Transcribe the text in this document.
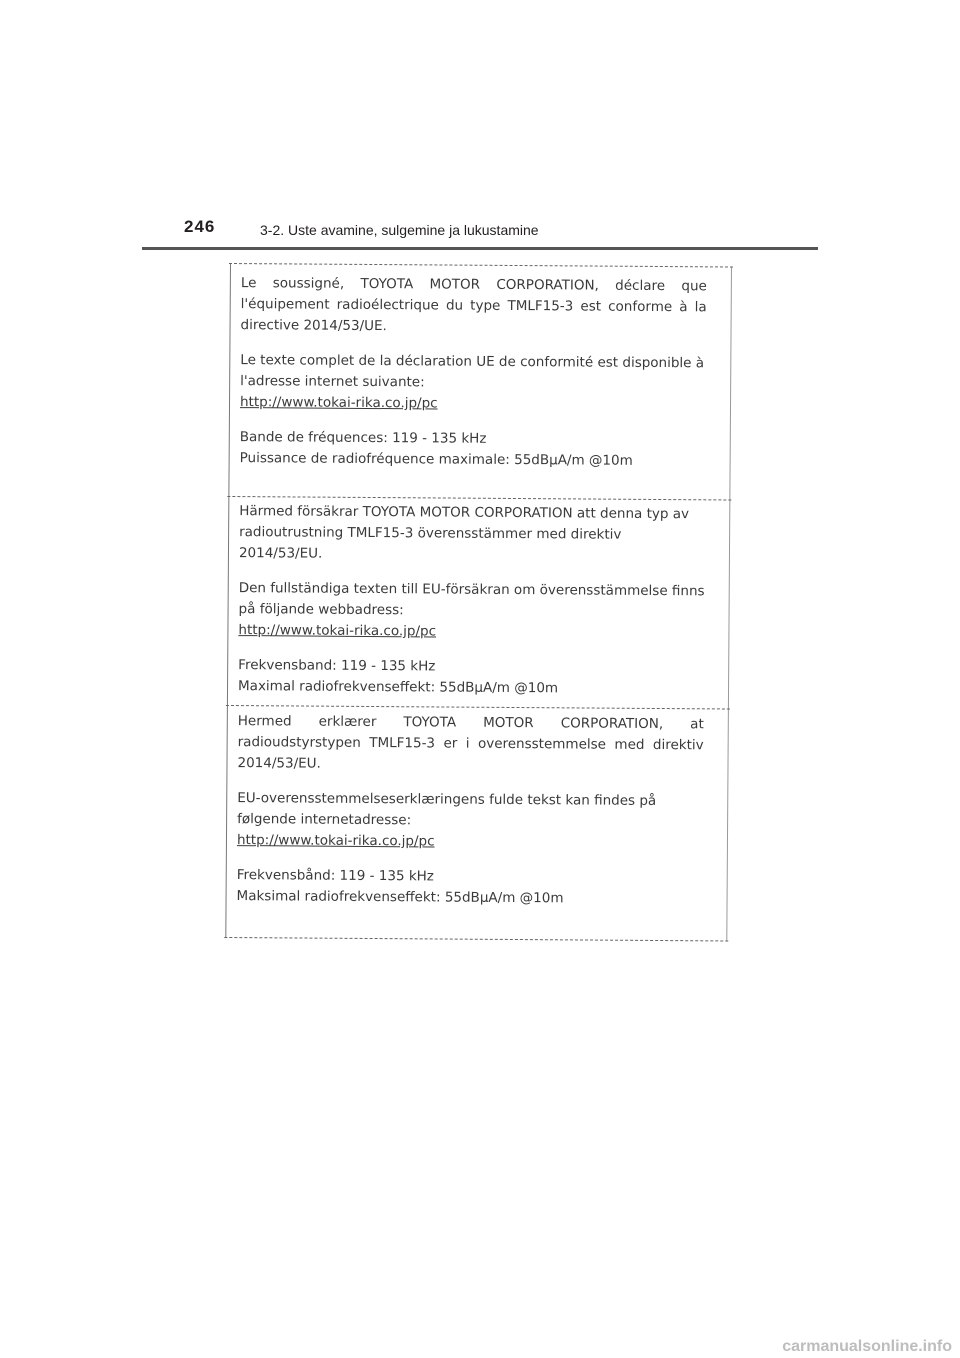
246	3-2. Uste avamine, sulgemine ja lukustamine

Le soussigné, TOYOTA MOTOR CORPORATION, déclare que

l'équipement radioélectrique du type TMLF15-3 est conforme à la

directive 2014/53/UE.

Le texte complet de la déclaration UE de conformité est disponible à

l'adresse internet suivante:

http://www.tokai-rika.co.jp/pc

Bande de fréquences: 119 - 135 kHz

Puissance de radiofréquence maximale: 55dBµA/m @10m

Härmed försäkrar TOYOTA MOTOR CORPORATION att denna typ av

radioutrustning TMLF15-3 överensstämmer med direktiv 2014/53/EU.

Den fullständiga texten till EU-försäkran om överensstämmelse finns

på följande webbadress:

http://www.tokai-rika.co.jp/pc

Frekvensband: 119 - 135 kHz

Maximal radiofrekvenseffekt: 55dBµA/m @10m

Hermed erklærer TOYOTA MOTOR CORPORATION, at

radioudstyrstypen TMLF15-3 er i overensstemmelse med direktiv

2014/53/EU.

EU-overensstemmelseserklæringens fulde tekst kan findes på

følgende internetadresse:

http://www.tokai-rika.co.jp/pc

Frekvensbånd: 119 - 135 kHz

Maksimal radiofrekvenseffekt: 55dBµA/m @10m

carmanualsonline.info
